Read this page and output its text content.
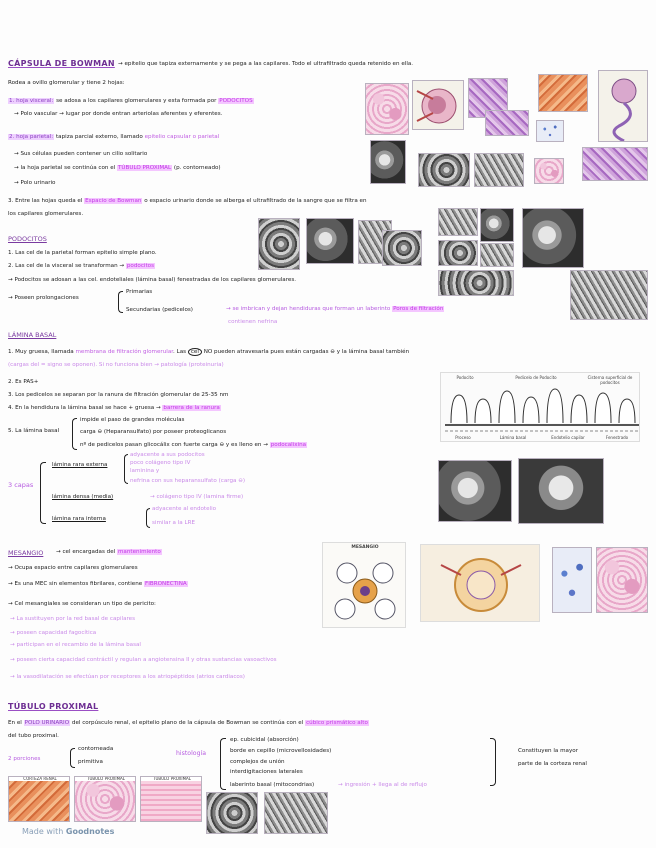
CÁPSULA DE BOWMAN → epitelio que tapiza externamente y se pega a las capilares. Todo el ultrafiltrado queda retenido en ella.
Rodea a ovillo glomerular y tiene 2 hojas:
1. hoja visceral: se adosa a los capilares glomerulares y esta formada por PODOCITOS
→ Polo vascular → lugar por donde entran arteriolas aferentes y eferentes.
2. hoja parietal: tapiza parcial externo, llamado epitelio capsular o parietal
→ Sus células pueden contener un cilio solitario
→ la hoja parietal se continúa con el TÚBULO PROXIMAL (p. contorneado)
→ Polo urinario
3. Entre las hojas queda el Espacio de Bowman o espacio urinario donde se alberga el ultrafiltrado de la sangre que se filtra en
los capilares glomerulares.
PODOCITOS
1. Las cel de la parietal forman epitelio simple plano.
2. Las cel de la visceral se transforman → podocitos
→ Podocitos se adosan a las cel. endoteliales (lámina basal) fenestradas de los capilares glomerulares.
→ Poseen prolongaciones
Primarias
Secundarias (pedicelos)	→ se imbrican y dejan hendiduras que forman un laberinto Poros de filtración
contienen nefrina
LÁMINA BASAL
1. Muy gruesa, llamada membrana de filtración glomerular. Las cel NO pueden atravesarla pues están cargadas ⊖ y la lámina basal también
(cargas del = signo se oponen). Si no funciona bien → patología (proteinuria)
2. Es PAS+
3. Los pedicelos se separan por la ranura de filtración glomerular de 25-35 nm
4. En la hendidura la lámina basal se hace + gruesa → barrera de la ranura
5. La lámina basal
impide el paso de grandes moléculas
carga ⊖ (Heparansulfato) por poseer proteoglicanos
nº de pedicelos pasan glicocálix con fuerte carga ⊖ y es lleno en → podocalixina
Podocito	Pedicelo de Podocito	Cisterna superficial de podocitos
Proceso	Lámina basal	Endotelio capilar	Fenestrado
3 capas
lámina rara externa
adyacente a sus podocitos
poco colágeno tipo IV
laminina y
nefrina con sus heparansulfato (carga ⊖)
lámina densa (media)	→ colágeno tipo IV (lamina firme)
lámina rara interna
adyacente al endotelio
similar a la LRE
MESANGIO → cel encargadas del mantenimiento
→ Ocupa espacio entre capilares glomerulares
→ Es una MEC sin elementos fibrilares, contiene FIBRONECTINA
→ Cel mesangiales se consideran un tipo de pericito:
→ La sustituyen por la red basal de capilares
→ poseen capacidad fagocítica
→ participan en el recambio de la lámina basal
→ poseen cierta capacidad contráctil y regulan a angiotensina II y otras sustancias vasoactivos
→ la vasodilatación se efectúan por receptores a los atriopéptidos (atrios cardiacos)
MESANGIO
TÚBULO PROXIMAL
En el POLO URINARIO del corpúsculo renal, el epitelio plano de la cápsula de Bowman se continúa con el cúbico prismático alto
del tubo proximal.
2 porciones
contorneada
primitiva
histología
ep. cubicidal (absorción)
borde en cepillo (microvellosidades)
complejos de unión
interdigitaciones laterales
laberinto basal (mitocondrias)	→ ingresión + llega al de reflujo
Constituyen la mayor
parte de la corteza renal
CORTEZA RENAL	TÚBULO PROXIMAL	TÚBULO PROXIMAL
Made with Goodnotes
